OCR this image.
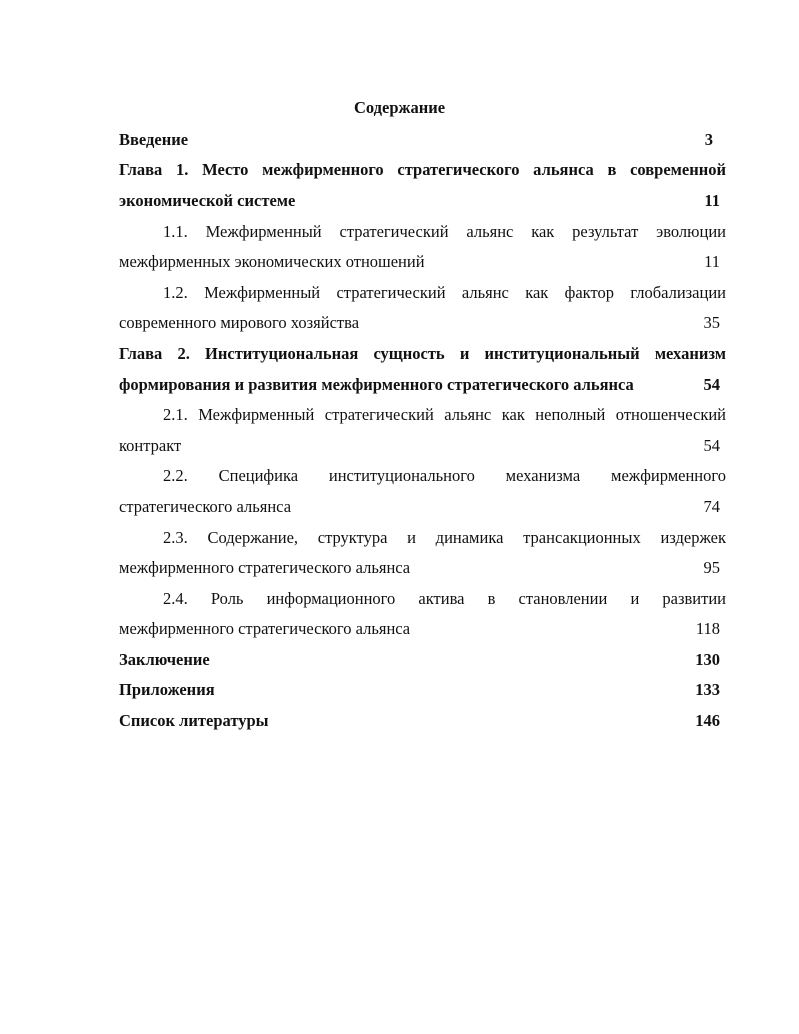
Содержание
Введение	3
Глава 1. Место межфирменного стратегического альянса в современной
экономической системе	11
1.1. Межфирменный стратегический альянс как результат эволюции
межфирменных экономических отношений	11
1.2. Межфирменный стратегический альянс как фактор глобализации
современного мирового хозяйства	35
Глава 2. Институциональная сущность и институциональный механизм
формирования и развития межфирменного стратегического альянса	54
2.1. Межфирменный стратегический альянс как неполный отношенческий
контракт	54
2.2. Специфика институционального механизма межфирменного
стратегического альянса	74
2.3. Содержание, структура и динамика трансакционных издержек
межфирменного стратегического альянса	95
2.4. Роль информационного актива в становлении и развитии
межфирменного стратегического альянса	118
Заключение	130
Приложения	133
Список литературы	146
